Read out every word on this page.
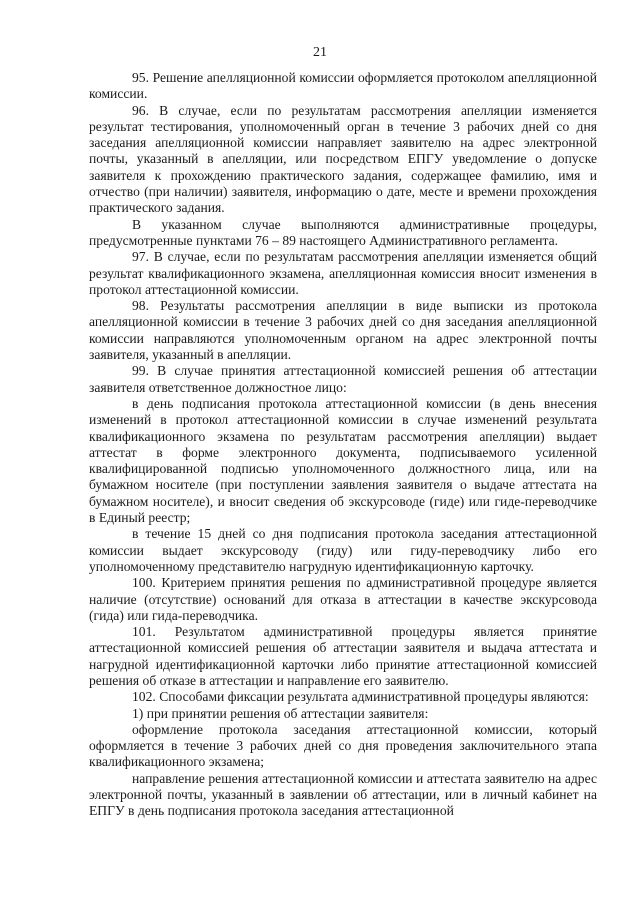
21

95. Решение апелляционной комиссии оформляется протоколом апелляционной комиссии.

96. В случае, если по результатам рассмотрения апелляции изменяется результат тестирования, уполномоченный орган в течение 3 рабочих дней со дня заседания апелляционной комиссии направляет заявителю на адрес электронной почты, указанный в апелляции, или посредством ЕПГУ уведомление о допуске заявителя к прохождению практического задания, содержащее фамилию, имя и отчество (при наличии) заявителя, информацию о дате, месте и времени прохождения практического задания.

В указанном случае выполняются административные процедуры, предусмотренные пунктами 76 – 89 настоящего Административного регламента.

97. В случае, если по результатам рассмотрения апелляции изменяется общий результат квалификационного экзамена, апелляционная комиссия вносит изменения в протокол аттестационной комиссии.

98. Результаты рассмотрения апелляции в виде выписки из протокола апелляционной комиссии в течение 3 рабочих дней со дня заседания апелляционной комиссии направляются уполномоченным органом на адрес электронной почты заявителя, указанный в апелляции.

99. В случае принятия аттестационной комиссией решения об аттестации заявителя ответственное должностное лицо:

в день подписания протокола аттестационной комиссии (в день внесения изменений в протокол аттестационной комиссии в случае изменений результата квалификационного экзамена по результатам рассмотрения апелляции) выдает аттестат в форме электронного документа, подписываемого усиленной квалифицированной подписью уполномоченного должностного лица, или на бумажном носителе (при поступлении заявления заявителя о выдаче аттестата на бумажном носителе), и вносит сведения об экскурсоводе (гиде) или гиде-переводчике в Единый реестр;

в течение 15 дней со дня подписания протокола заседания аттестационной комиссии выдает экскурсоводу (гиду) или гиду-переводчику либо его уполномоченному представителю нагрудную идентификационную карточку.

100. Критерием принятия решения по административной процедуре является наличие (отсутствие) оснований для отказа в аттестации в качестве экскурсовода (гида) или гида-переводчика.

101. Результатом административной процедуры является принятие аттестационной комиссией решения об аттестации заявителя и выдача аттестата и нагрудной идентификационной карточки либо принятие аттестационной комиссией решения об отказе в аттестации и направление его заявителю.

102. Способами фиксации результата административной процедуры являются:

1) при принятии решения об аттестации заявителя:

оформление протокола заседания аттестационной комиссии, который оформляется в течение 3 рабочих дней со дня проведения заключительного этапа квалификационного экзамена;

направление решения аттестационной комиссии и аттестата заявителю на адрес электронной почты, указанный в заявлении об аттестации, или в личный кабинет на ЕПГУ в день подписания протокола заседания аттестационной
